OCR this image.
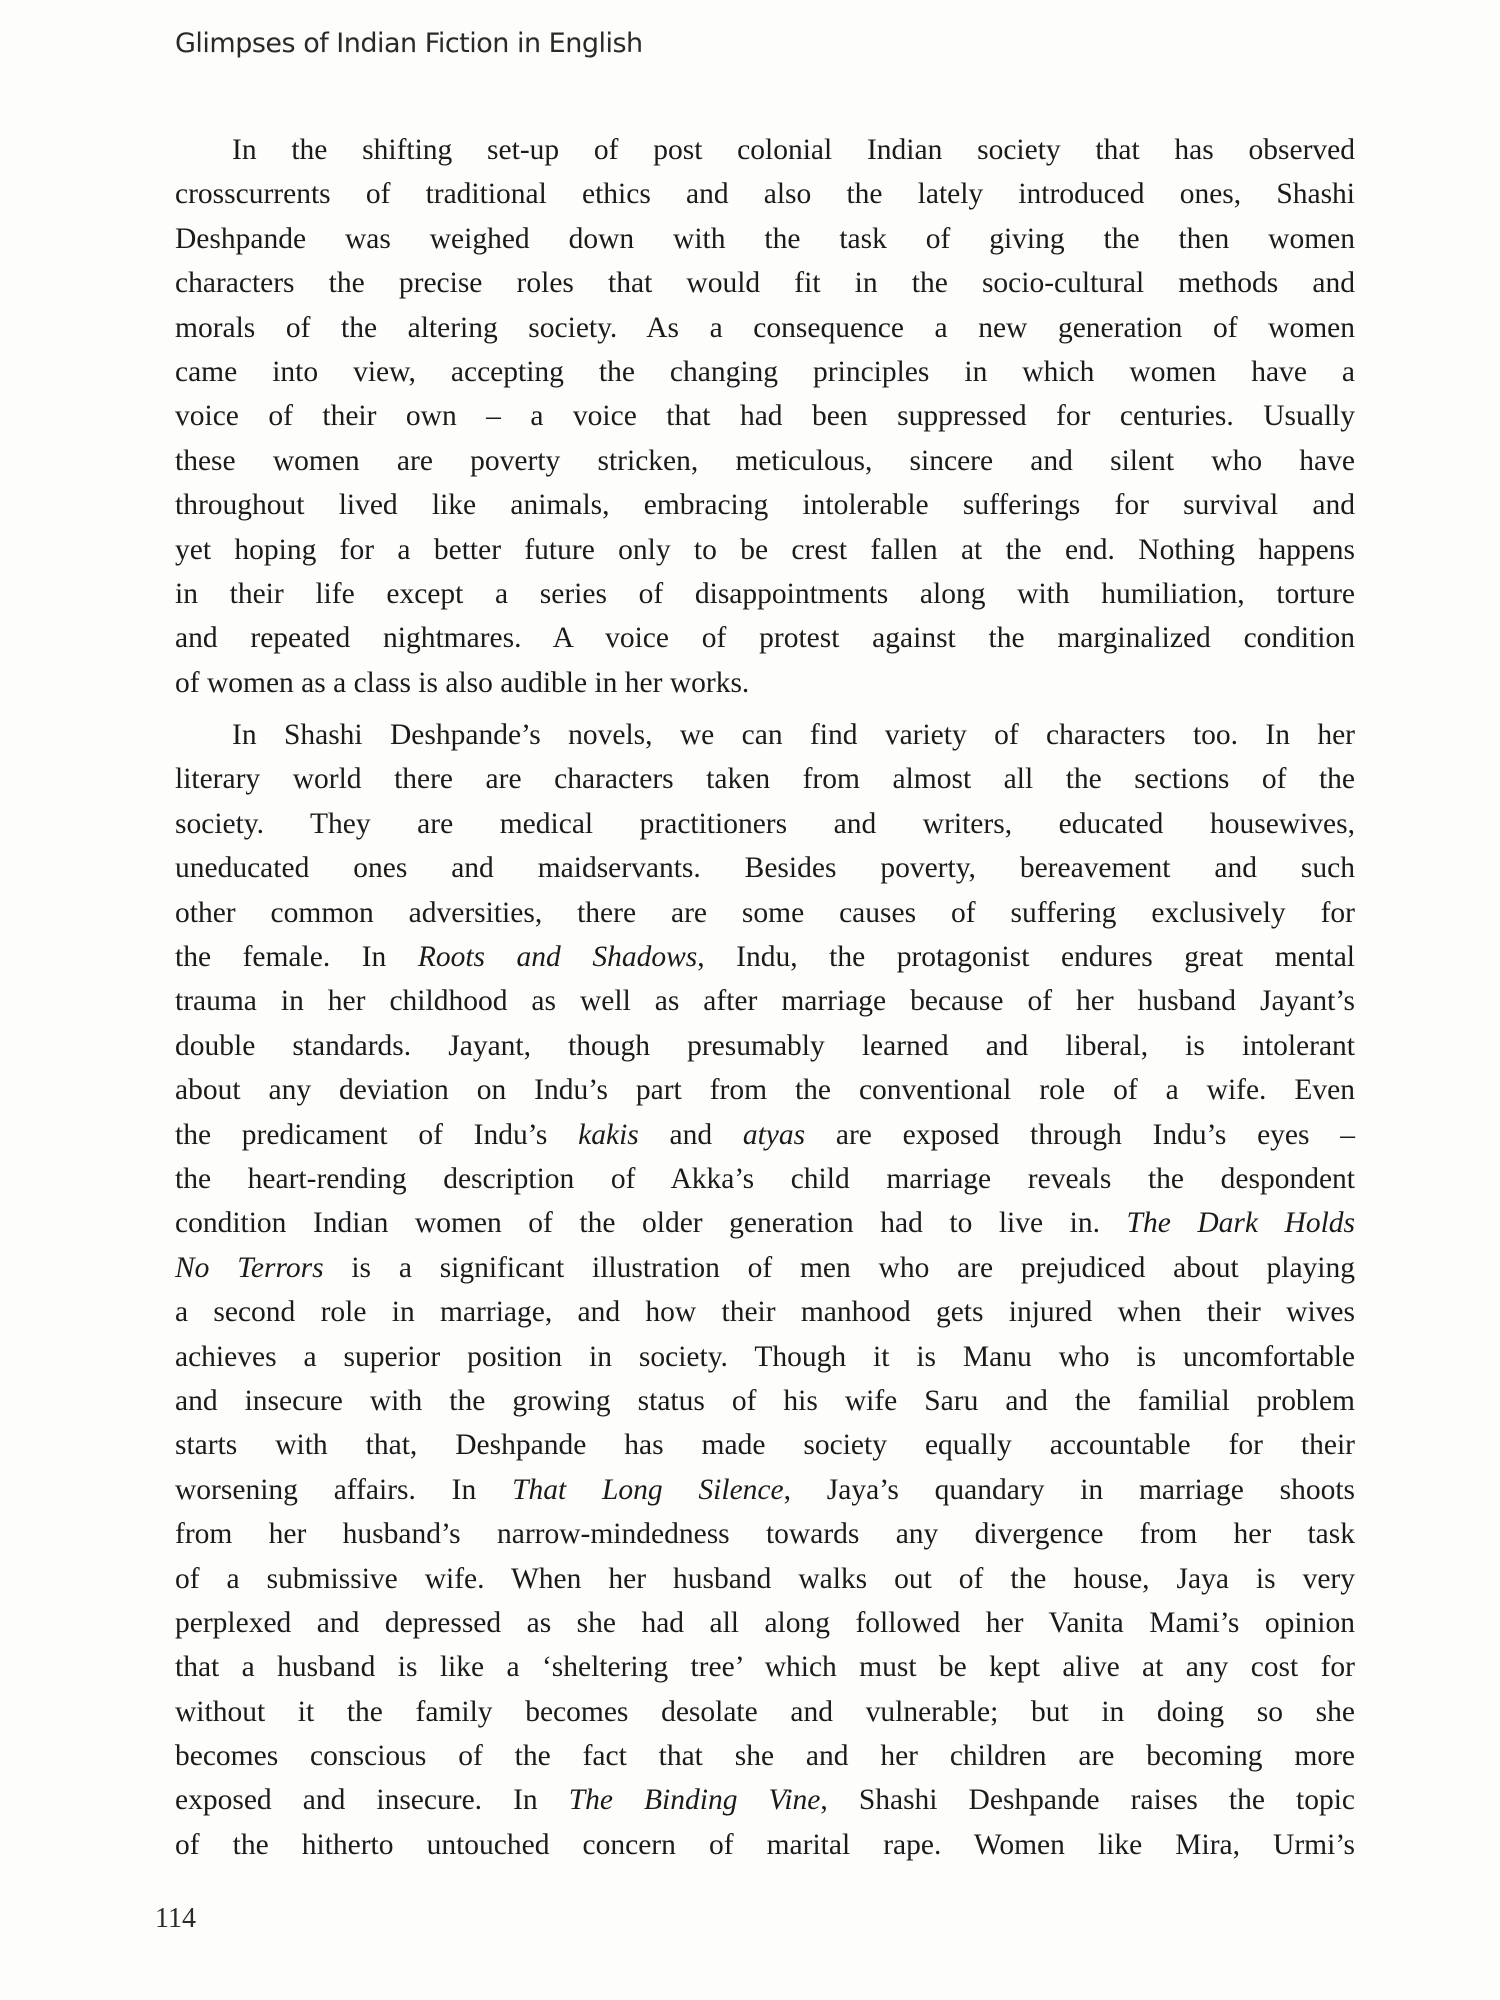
Glimpses of Indian Fiction in English
In the shifting set-up of post colonial Indian society that has observed
crosscurrents of traditional ethics and also the lately introduced ones, Shashi
Deshpande was weighed down with the task of giving the then women
characters the precise roles that would fit in the socio-cultural methods and
morals of the altering society. As a consequence a new generation of women
came into view, accepting the changing principles in which women have a
voice of their own – a voice that had been suppressed for centuries. Usually
these women are poverty stricken, meticulous, sincere and silent who have
throughout lived like animals, embracing intolerable sufferings for survival and
yet hoping for a better future only to be crest fallen at the end. Nothing happens
in their life except a series of disappointments along with humiliation, torture
and repeated nightmares. A voice of protest against the marginalized condition
of women as a class is also audible in her works.
In Shashi Deshpande’s novels, we can find variety of characters too. In her
literary world there are characters taken from almost all the sections of the
society. They are medical practitioners and writers, educated housewives,
uneducated ones and maidservants. Besides poverty, bereavement and such
other common adversities, there are some causes of suffering exclusively for
the female. In Roots and Shadows, Indu, the protagonist endures great mental
trauma in her childhood as well as after marriage because of her husband Jayant’s
double standards. Jayant, though presumably learned and liberal, is intolerant
about any deviation on Indu’s part from the conventional role of a wife. Even
the predicament of Indu’s kakis and atyas are exposed through Indu’s eyes –
the heart-rending description of Akka’s child marriage reveals the despondent
condition Indian women of the older generation had to live in. The Dark Holds
No Terrors is a significant illustration of men who are prejudiced about playing
a second role in marriage, and how their manhood gets injured when their wives
achieves a superior position in society. Though it is Manu who is uncomfortable
and insecure with the growing status of his wife Saru and the familial problem
starts with that, Deshpande has made society equally accountable for their
worsening affairs. In That Long Silence, Jaya’s quandary in marriage shoots
from her husband’s narrow-mindedness towards any divergence from her task
of a submissive wife. When her husband walks out of the house, Jaya is very
perplexed and depressed as she had all along followed her Vanita Mami’s opinion
that a husband is like a ‘sheltering tree’ which must be kept alive at any cost for
without it the family becomes desolate and vulnerable; but in doing so she
becomes conscious of the fact that she and her children are becoming more
exposed and insecure. In The Binding Vine, Shashi Deshpande raises the topic
of the hitherto untouched concern of marital rape. Women like Mira, Urmi’s
114
